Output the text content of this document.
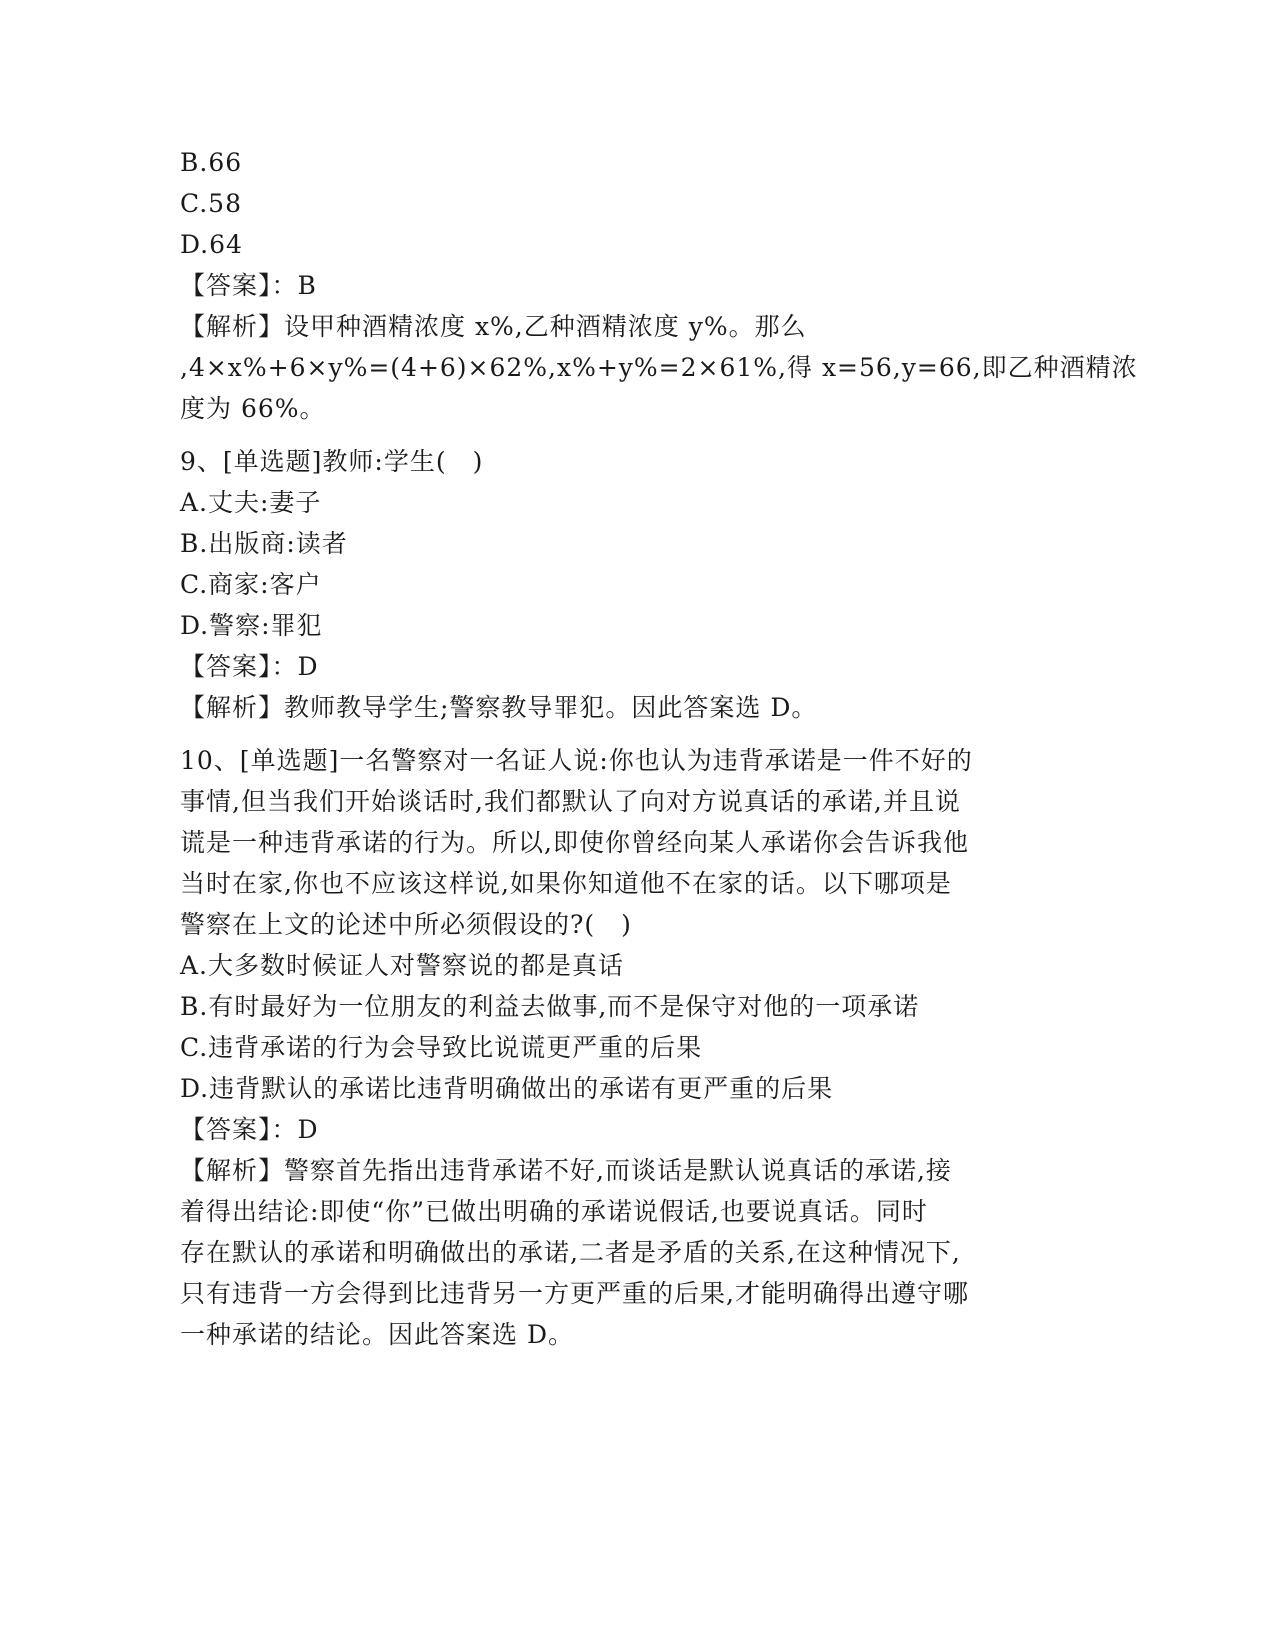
B.66
C.58
D.64
【答案】：B
【解析】设甲种酒精浓度 x%,乙种酒精浓度 y%。那么
,4×x%+6×y%=(4+6)×62%,x%+y%=2×61%,得 x=56,y=66,即乙种酒精浓
度为 66%。
9、[单选题]教师:学生(　)
A.丈夫:妻子
B.出版商:读者
C.商家:客户
D.警察:罪犯
【答案】：D
【解析】教师教导学生;警察教导罪犯。因此答案选 D。
10、[单选题]一名警察对一名证人说:你也认为违背承诺是一件不好的
事情,但当我们开始谈话时,我们都默认了向对方说真话的承诺,并且说
谎是一种违背承诺的行为。所以,即使你曾经向某人承诺你会告诉我他
当时在家,你也不应该这样说,如果你知道他不在家的话。以下哪项是
警察在上文的论述中所必须假设的?(　)
A.大多数时候证人对警察说的都是真话
B.有时最好为一位朋友的利益去做事,而不是保守对他的一项承诺
C.违背承诺的行为会导致比说谎更严重的后果
D.违背默认的承诺比违背明确做出的承诺有更严重的后果
【答案】：D
【解析】警察首先指出违背承诺不好,而谈话是默认说真话的承诺,接
着得出结论:即使“你”已做出明确的承诺说假话,也要说真话。同时
存在默认的承诺和明确做出的承诺,二者是矛盾的关系,在这种情况下,
只有违背一方会得到比违背另一方更严重的后果,才能明确得出遵守哪
一种承诺的结论。因此答案选 D。
